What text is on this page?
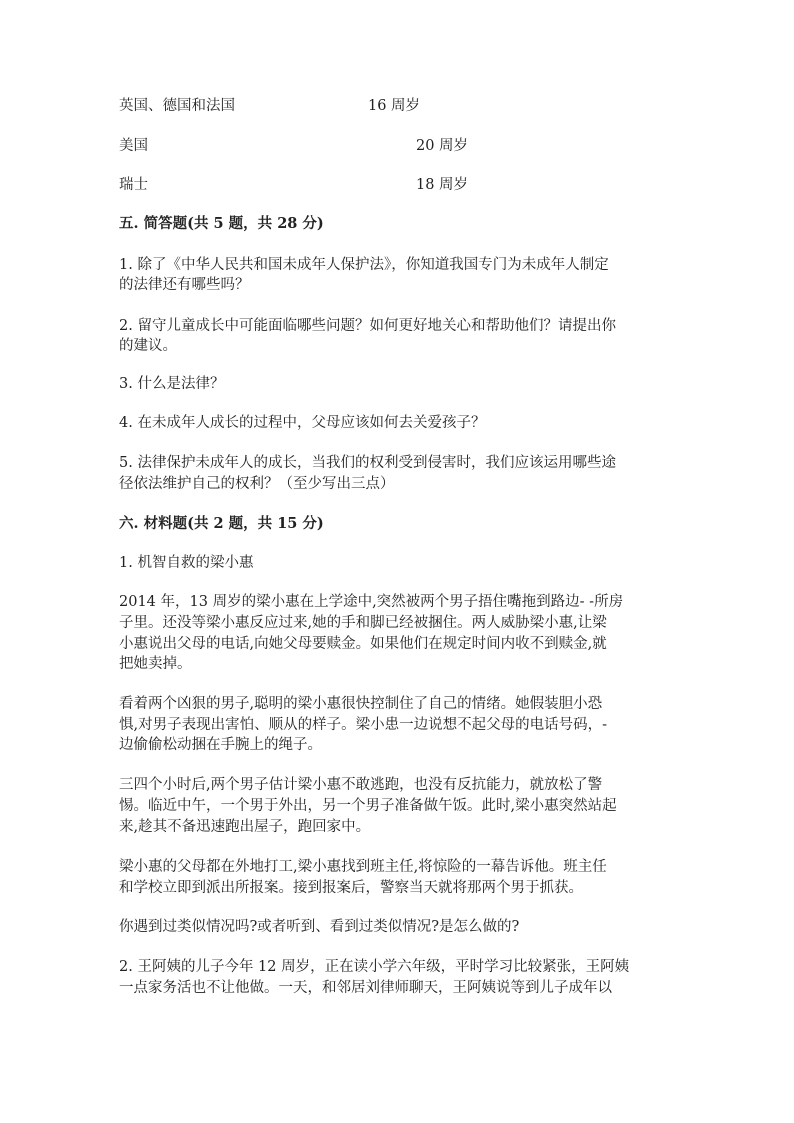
英国、德国和法国	16 周岁

美国	20 周岁

瑞士	18 周岁

五. 简答题(共 5 题，共 28 分)

1. 除了《中华人民共和国未成年人保护法》，你知道我国专门为未成年人制定

的法律还有哪些吗？

2. 留守儿童成长中可能面临哪些问题？如何更好地关心和帮助他们？请提出你

的建议。

3. 什么是法律？

4. 在未成年人成长的过程中，父母应该如何去关爱孩子？

5. 法律保护未成年人的成长，当我们的权利受到侵害时，我们应该运用哪些途

径依法维护自己的权利？（至少写出三点）

六. 材料题(共 2 题，共 15 分)

1. 机智自救的梁小惠

2014 年，13 周岁的梁小惠在上学途中,突然被两个男子捂住嘴拖到路边- -所房

子里。还没等梁小惠反应过来,她的手和脚已经被捆住。两人威胁梁小惠,让梁

小惠说出父母的电话,向她父母要赎金。如果他们在规定时间内收不到赎金,就

把她卖掉。

看着两个凶狠的男子,聪明的梁小惠很快控制住了自己的情绪。她假装胆小恐

惧,对男子表现出害怕、顺从的样子。梁小患一边说想不起父母的电话号码，-

边偷偷松动捆在手腕上的绳子。

三四个小时后,两个男子估计梁小惠不敢逃跑，也没有反抗能力，就放松了警

惕。临近中午，一个男于外出，另一个男子准备做午饭。此时,梁小惠突然站起

来,趁其不备迅速跑出屋子，跑回家中。

梁小惠的父母都在外地打工,梁小惠找到班主任,将惊险的一幕告诉他。班主任

和学校立即到派出所报案。接到报案后，警察当天就将那两个男于抓获。

你遇到过类似情况吗?或者听到、看到过类似情况?是怎么做的?

2. 王阿姨的儿子今年 12 周岁，正在读小学六年级，平时学习比较紧张，王阿姨

一点家务活也不让他做。一天，和邻居刘律师聊天，王阿姨说等到儿子成年以
